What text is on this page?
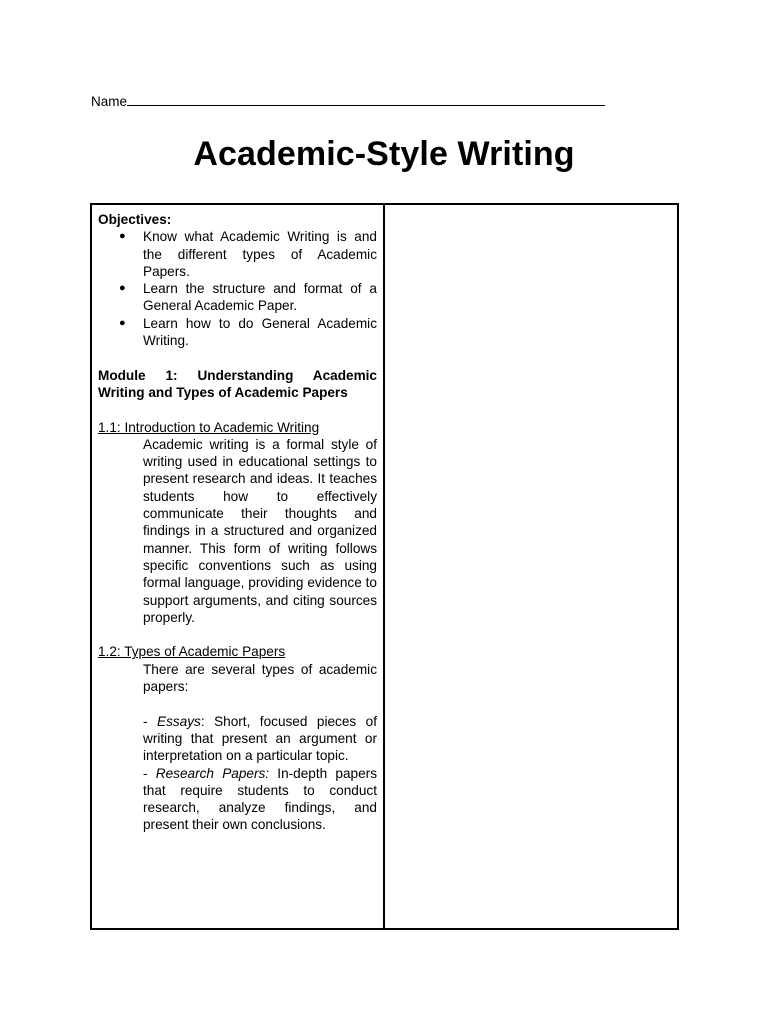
Name
Academic-Style Writing

Objectives:

● Know what Academic Writing is and the different types of Academic Papers.
● Learn the structure and format of a General Academic Paper.
● Learn how to do General Academic Writing.

Module 1: Understanding Academic Writing and Types of Academic Papers

1.1: Introduction to Academic Writing

Academic writing is a formal style of writing used in educational settings to present research and ideas. It teaches students how to effectively communicate their thoughts and findings in a structured and organized manner. This form of writing follows specific conventions such as using formal language, providing evidence to support arguments, and citing sources properly.

1.2: Types of Academic Papers

There are several types of academic papers:

- Essays: Short, focused pieces of writing that present an argument or interpretation on a particular topic.

- Research Papers: In-depth papers that require students to conduct research, analyze findings, and present their own conclusions.
